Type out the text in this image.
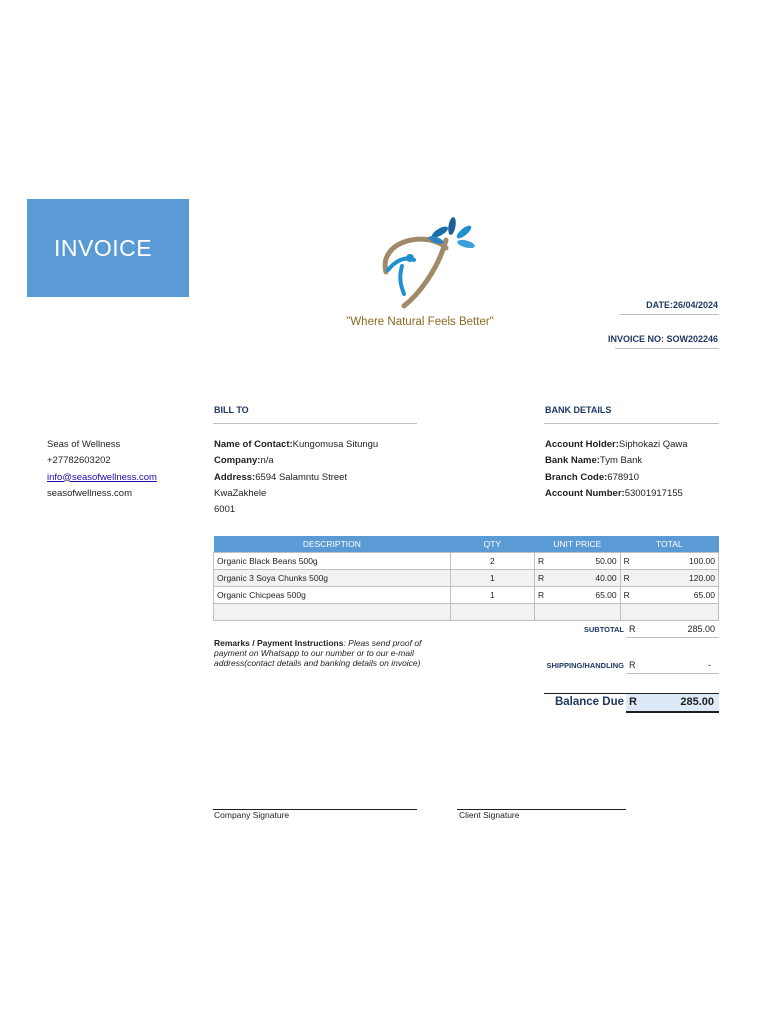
INVOICE
"Where Natural Feels Better"
DATE:26/04/2024
INVOICE NO: SOW202246
BILL TO	BANK DETAILS
Seas of Wellness
+27782603202
info@seasofwellness.com
seasofwellness.com
Name of Contact:Kungomusa Situngu
Company:n/a
Address:6594 Salamntu Street
KwaZakhele
6001
Account Holder:Siphokazi Qawa
Bank Name:Tym Bank
Branch Code:678910
Account Number:53001917155
DESCRIPTION	QTY	UNIT PRICE		TOTAL	
Organic Black Beans 500g	2	R	50.00	R	100.00
Organic 3 Soya Chunks 500g	1	R	40.00	R	120.00
Organic Chicpeas 500g	1	R	65.00	R	65.00

SUBTOTAL R	285.00
SHIPPING/HANDLING R	-
Balance Due R	285.00
Remarks / Payment Instructions: Pleas send proof of payment on Whatsapp to our number or to our e-mail address(contact details and banking details on invoice)
Company Signature	Client Signature
